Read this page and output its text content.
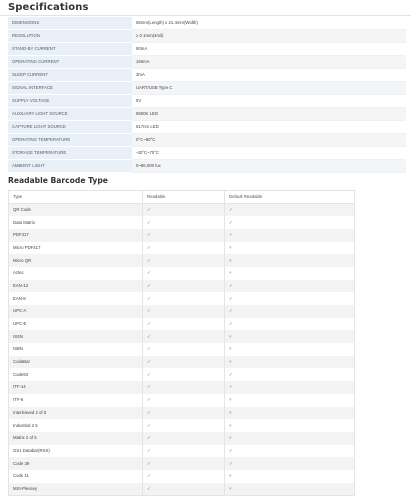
Specifications
DIMENSIONS	55mm(Length) x 21.4mm(Width)
RESOLUTION	≥ 0.1mm(4mil)
STAND-BY CURRENT	50mA
OPERATING CURRENT	160mA
SLEEP CURRENT	3mA
SIGNAL INTERFACE	UART/USB Type C
SUPPLY VOLTAGE	5V
AUXILIARY LIGHT SOURCE	6500K LED
CAPTURE LIGHT SOURCE	617nm LED
OPERATING TEMPERATURE	0°C~50°C
STORAGE TEMPERATURE	-40°C~70°C
AMBIENT LIGHT	0~86,000 lux
Readable Barcode Type
Type	Readable	Default Readable
QR Code	✓	✓
Data Matrix	✓	✓
PDF417	✓	✓
Micro PDF417	✓	×
Micro QR	✓	×
Aztec	✓	×
EAN-13	✓	✓
EAN-8	✓	✓
UPC-A	✓	✓
UPC-E	✓	✓
ISSN	✓	×
ISBN	✓	×
CodaBar	✓	×
Code93	✓	✓
ITF-14	✓	✓
ITF-6	✓	×
Interleaved 2 of 5	✓	×
Industrial 2 5	✓	×
Matrix 2 of 5	✓	×
GS1 Databar(RSS)	✓	✓
Code 39	✓	✓
Code 11	✓	×
MSI-Plessey	✓	×
